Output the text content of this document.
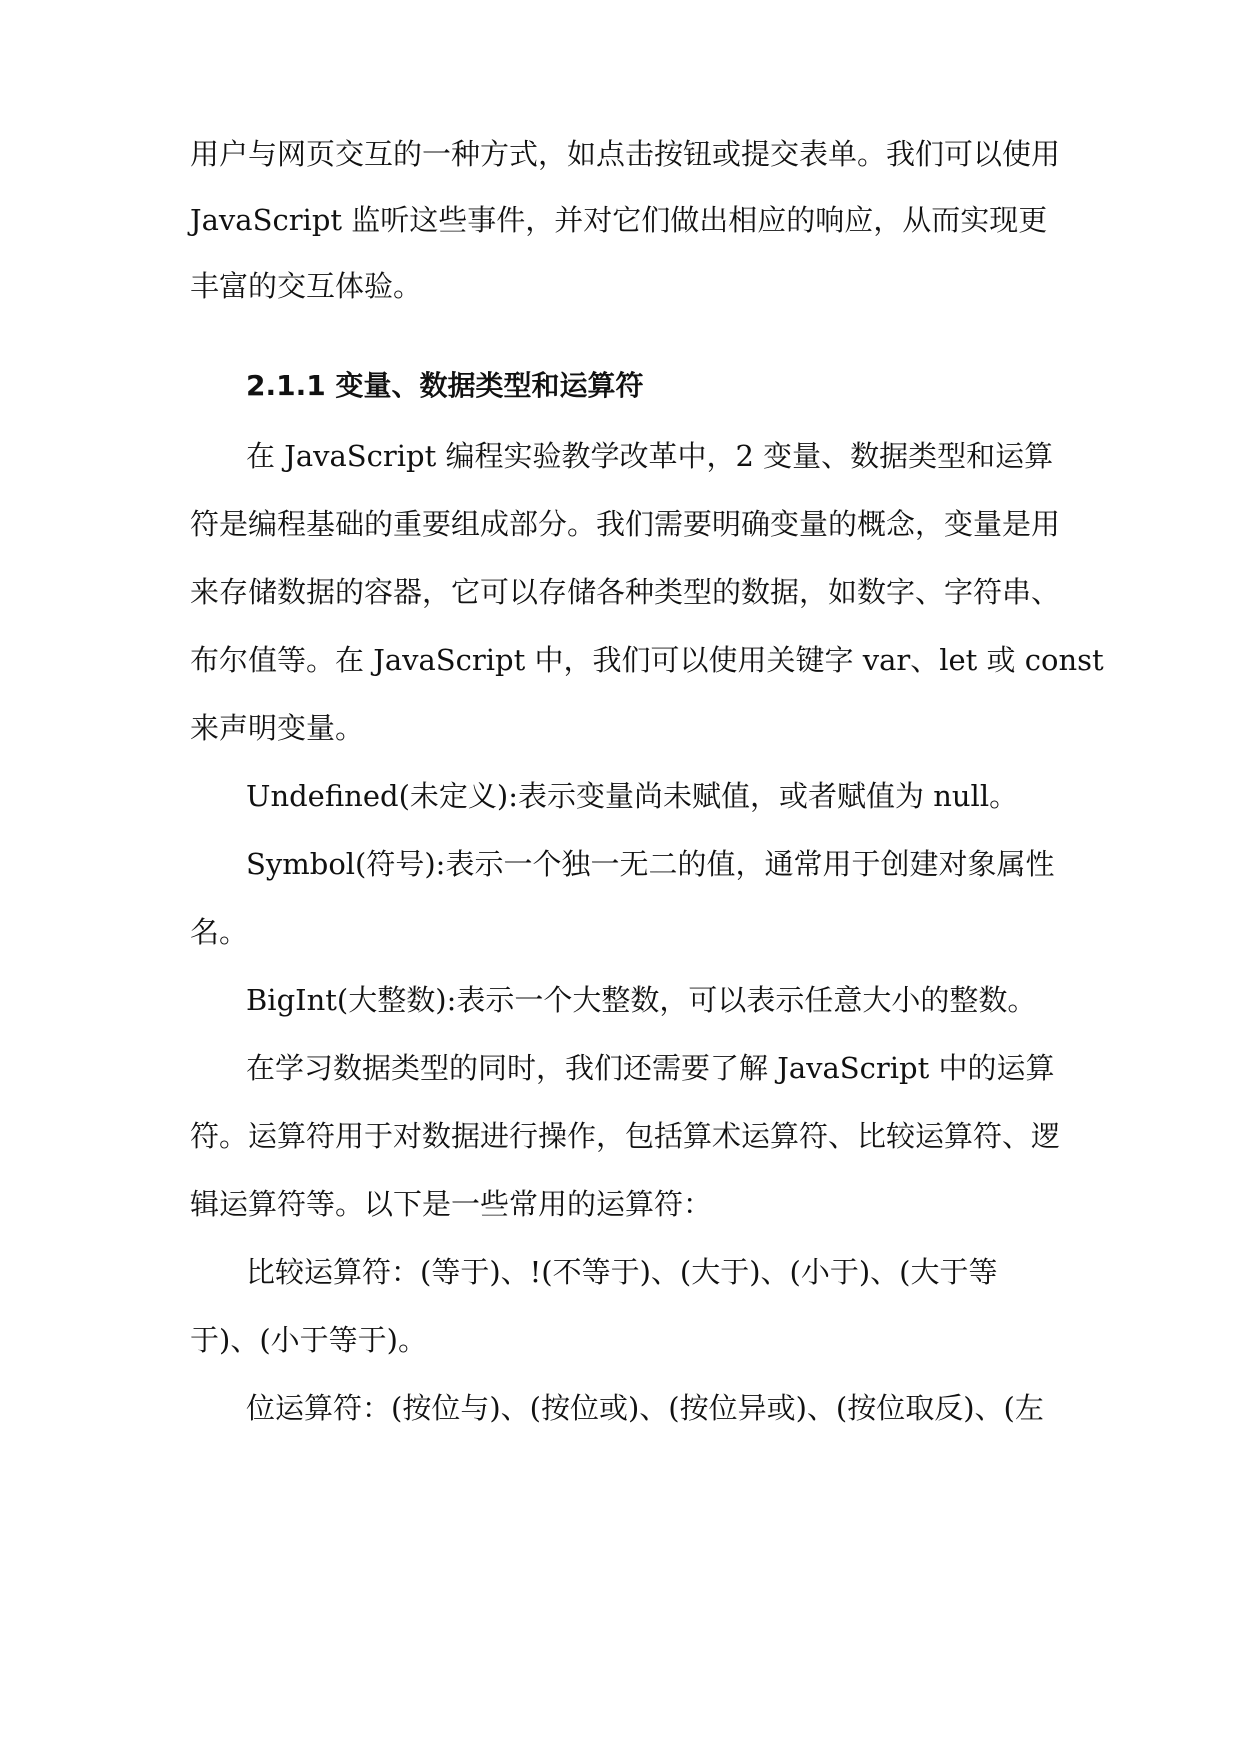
用户与网页交互的一种方式，如点击按钮或提交表单。我们可以使用
JavaScript 监听这些事件，并对它们做出相应的响应，从而实现更
丰富的交互体验。
2.1.1 变量、数据类型和运算符
在 JavaScript 编程实验教学改革中，2 变量、数据类型和运算
符是编程基础的重要组成部分。我们需要明确变量的概念，变量是用
来存储数据的容器，它可以存储各种类型的数据，如数字、字符串、
布尔值等。在 JavaScript 中，我们可以使用关键字 var、let 或 const
来声明变量。
Undefined(未定义):表示变量尚未赋值，或者赋值为 null。
Symbol(符号):表示一个独一无二的值，通常用于创建对象属性
名。
BigInt(大整数):表示一个大整数，可以表示任意大小的整数。
在学习数据类型的同时，我们还需要了解 JavaScript 中的运算
符。运算符用于对数据进行操作，包括算术运算符、比较运算符、逻
辑运算符等。以下是一些常用的运算符：
比较运算符：(等于)、!(不等于)、(大于)、(小于)、(大于等
于)、(小于等于)。
位运算符：(按位与)、(按位或)、(按位异或)、(按位取反)、(左
